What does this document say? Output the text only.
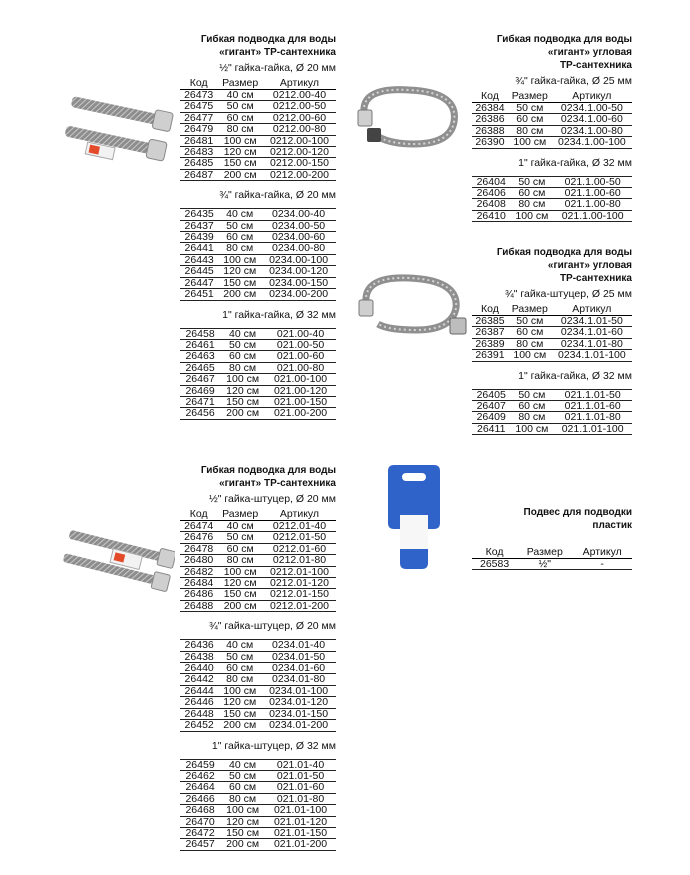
Гибкая подводка для воды
«гигант» ТР-сантехника
½" гайка-гайка, Ø 20 мм
Код	Размер	Артикул
26473	40 см	0212.00-40
26475	50 см	0212.00-50
26477	60 см	0212.00-60
26479	80 см	0212.00-80
26481	100 см	0212.00-100
26483	120 см	0212.00-120
26485	150 см	0212.00-150
26487	200 см	0212.00-200
¾" гайка-гайка, Ø 20 мм
26435	40 см	0234.00-40
26437	50 см	0234.00-50
26439	60 см	0234.00-60
26441	80 см	0234.00-80
26443	100 см	0234.00-100
26445	120 см	0234.00-120
26447	150 см	0234.00-150
26451	200 см	0234.00-200
1" гайка-гайка, Ø 32 мм
26458	40 см	021.00-40
26461	50 см	021.00-50
26463	60 см	021.00-60
26465	80 см	021.00-80
26467	100 см	021.00-100
26469	120 см	021.00-120
26471	150 см	021.00-150
26456	200 см	021.00-200
Гибкая подводка для воды
«гигант» угловая
ТР-сантехника
¾" гайка-гайка, Ø 25 мм
Код	Размер	Артикул
26384	50 см	0234.1.00-50
26386	60 см	0234.1.00-60
26388	80 см	0234.1.00-80
26390	100 см	0234.1.00-100
1" гайка-гайка, Ø 32 мм
26404	50 см	021.1.00-50
26406	60 см	021.1.00-60
26408	80 см	021.1.00-80
26410	100 см	021.1.00-100
Гибкая подводка для воды
«гигант» угловая
ТР-сантехника
¾" гайка-штуцер, Ø 25 мм
Код	Размер	Артикул
26385	50 см	0234.1.01-50
26387	60 см	0234.1.01-60
26389	80 см	0234.1.01-80
26391	100 см	0234.1.01-100
1" гайка-гайка, Ø 32 мм
26405	50 см	021.1.01-50
26407	60 см	021.1.01-60
26409	80 см	021.1.01-80
26411	100 см	021.1.01-100
Гибкая подводка для воды
«гигант» ТР-сантехника
½" гайка-штуцер, Ø 20 мм
Код	Размер	Артикул
26474	40 см	0212.01-40
26476	50 см	0212.01-50
26478	60 см	0212.01-60
26480	80 см	0212.01-80
26482	100 см	0212.01-100
26484	120 см	0212.01-120
26486	150 см	0212.01-150
26488	200 см	0212.01-200
¾" гайка-штуцер, Ø 20 мм
26436	40 см	0234.01-40
26438	50 см	0234.01-50
26440	60 см	0234.01-60
26442	80 см	0234.01-80
26444	100 см	0234.01-100
26446	120 см	0234.01-120
26448	150 см	0234.01-150
26452	200 см	0234.01-200
1" гайка-штуцер, Ø 32 мм
26459	40 см	021.01-40
26462	50 см	021.01-50
26464	60 см	021.01-60
26466	80 см	021.01-80
26468	100 см	021.01-100
26470	120 см	021.01-120
26472	150 см	021.01-150
26457	200 см	021.01-200
Подвес для подводки
пластик
Код	Размер	Артикул
26583	½"	-
